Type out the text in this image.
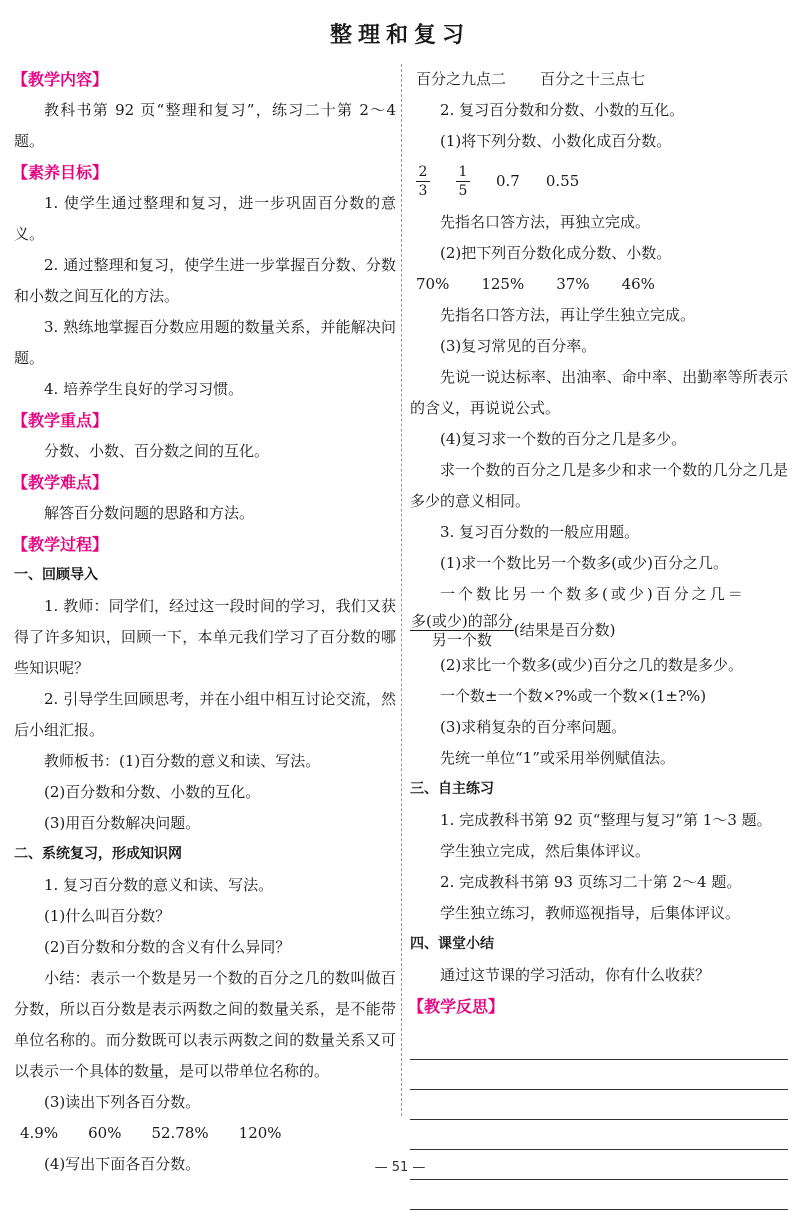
整理和复习
【教学内容】
教科书第 92 页“整理和复习”，练习二十第 2～4 题。
【素养目标】
1. 使学生通过整理和复习，进一步巩固百分数的意义。
2. 通过整理和复习，使学生进一步掌握百分数、分数和小数之间互化的方法。
3. 熟练地掌握百分数应用题的数量关系，并能解决问题。
4. 培养学生良好的学习习惯。
【教学重点】
分数、小数、百分数之间的互化。
【教学难点】
解答百分数问题的思路和方法。
【教学过程】
一、回顾导入
1. 教师：同学们，经过这一段时间的学习，我们又获得了许多知识，回顾一下，本单元我们学习了百分数的哪些知识呢？
2. 引导学生回顾思考，并在小组中相互讨论交流，然后小组汇报。
教师板书：(1)百分数的意义和读、写法。
(2)百分数和分数、小数的互化。
(3)用百分数解决问题。
二、系统复习，形成知识网
1. 复习百分数的意义和读、写法。
(1)什么叫百分数？
(2)百分数和分数的含义有什么异同？
小结：表示一个数是另一个数的百分之几的数叫做百分数，所以百分数是表示两数之间的数量关系，是不能带单位名称的。而分数既可以表示两数之间的数量关系又可以表示一个具体的数量，是可以带单位名称的。
(3)读出下列各百分数。
4.9% 60% 52.78% 120%
(4)写出下面各百分数。
百分之九点二 百分之十三点七
2. 复习百分数和分数、小数的互化。
(1)将下列分数、小数化成百分数。
$\frac{2}{3} \frac{1}{5} 0.7$ 0.55
先指名口答方法，再独立完成。
(2)把下列百分数化成分数、小数。
70% 125% 37% 46%
先指名口答方法，再让学生独立完成。
(3)复习常见的百分率。
先说一说达标率、出油率、命中率、出勤率等所表示的含义，再说说公式。
(4)复习求一个数的百分之几是多少。
求一个数的百分之几是多少和求一个数的几分之几是多少的意义相同。
3. 复习百分数的一般应用题。
(1)求一个数比另一个数多(或少)百分之几。
一个数比另一个数多(或少)百分之几＝
多(或少)的部分
另一个数
(结果是百分数)
(2)求比一个数多(或少)百分之几的数是多少。
一个数±一个数×?%或一个数×(1±?%)
(3)求稍复杂的百分率问题。
先统一单位“1”或采用举例赋值法。
三、自主练习
1. 完成教科书第 92 页“整理与复习”第 1～3 题。
学生独立完成，然后集体评议。
2. 完成教科书第 93 页练习二十第 2～4 题。
学生独立练习，教师巡视指导，后集体评议。
四、课堂小结
通过这节课的学习活动，你有什么收获？
【教学反思】
— 51 —
